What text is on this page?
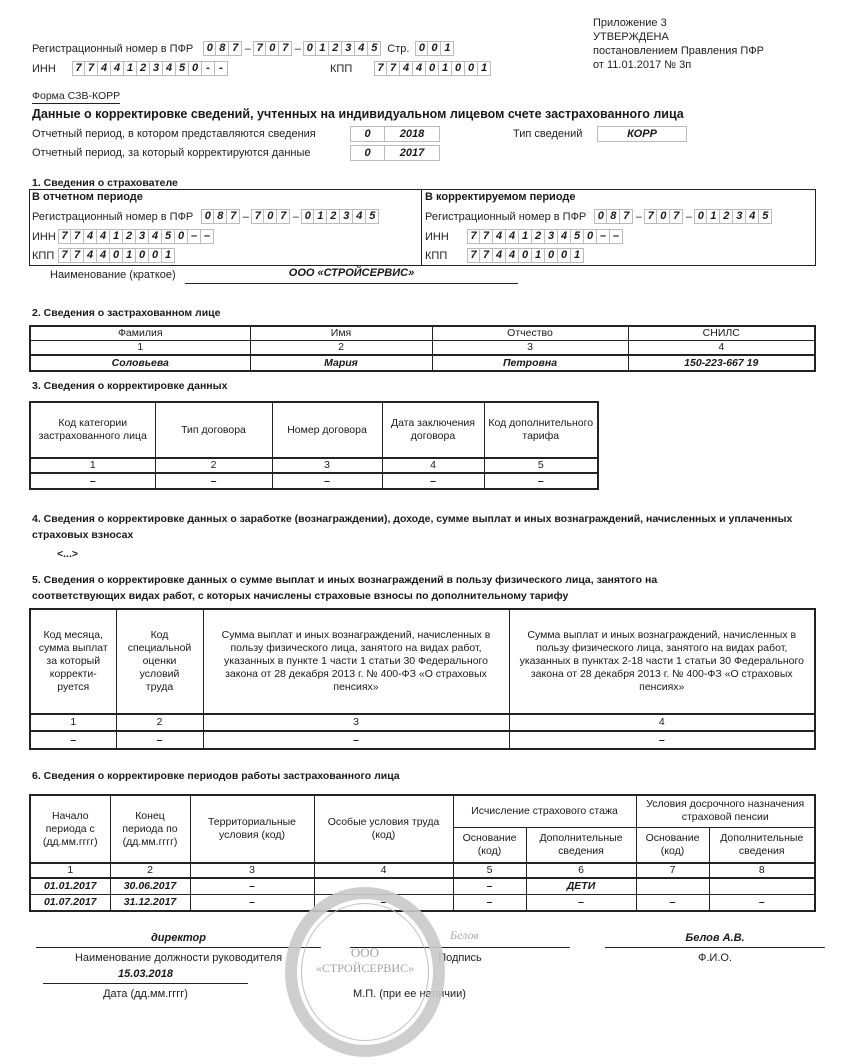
Приложение 3
УТВЕРЖДЕНА
постановлением Правления ПФР
от 11.01.2017 № 3п
Регистрационный номер в ПФР	0 8 7 – 7 0 7 – 0 1 2 3 4 5 Стр. 0 0 1
ИНН	7 7 4 4 1 2 3 4 5 0 - -	КПП	7 7 4 4 0 1 0 0 1
Форма СЗВ-КОРР
Данные о корректировке сведений, учтенных на индивидуальном лицевом счете застрахованного лица
Отчетный период, в котором представляются сведения	0	2018	Тип сведений	КОРР
Отчетный период, за который корректируются данные	0	2017
1. Сведения о страхователе
В отчетном периоде
Регистрационный номер в ПФР	0 8 7 – 7 0 7 – 0 1 2 3 4 5
ИНН 7 7 4 4 1 2 3 4 5 0 – –
КПП 7 7 4 4 0 1 0 0 1
В корректируемом периоде
Регистрационный номер в ПФР	0 8 7 – 7 0 7 – 0 1 2 3 4 5
ИНН	7 7 4 4 1 2 3 4 5 0 – –
КПП	7 7 4 4 0 1 0 0 1
Наименование (краткое)	ООО «СТРОЙСЕРВИС»
2. Сведения о застрахованном лице
Фамилия	Имя	Отчество	СНИЛС
1	2	3	4
Соловьева	Мария	Петровна	150-223-667 19
3. Сведения о корректировке данных
Код категории застрахованного лица	Тип договора	Номер договора	Дата заключения договора	Код дополнительного тарифа
1	2	3	4	5
–	–	–	–	–
4. Сведения о корректировке данных о заработке (вознаграждении), доходе, сумме выплат и иных вознаграждений, начисленных и уплаченных страховых взносах
<...>
5. Сведения о корректировке данных о сумме выплат и иных вознаграждений в пользу физического лица, занятого на соответствующих видах работ, с которых начислены страховые взносы по дополнительному тарифу
Код месяца, сумма выплат за который корректи-руется	Код специальной оценки условий труда	Сумма выплат и иных вознаграждений, начисленных в пользу физического лица, занятого на видах работ, указанных в пункте 1 части 1 статьи 30 Федерального закона от 28 декабря 2013 г. № 400-ФЗ «О страховых пенсиях»	Сумма выплат и иных вознаграждений, начисленных в пользу физического лица, занятого на видах работ, указанных в пунктах 2-18 части 1 статьи 30 Федерального закона от 28 декабря 2013 г. № 400-ФЗ «О страховых пенсиях»
1	2	3	4
–	–	–	–
6. Сведения о корректировке периодов работы застрахованного лица
Начало периода с (дд.мм.гггг)	Конец периода по (дд.мм.гггг)	Территориальные условия (код)	Особые условия труда (код)	Исчисление страхового стажа		Условия досрочного назначения страховой пенсии	
				Основание (код)	Дополнительные сведения	Основание (код)	Дополнительные сведения
1	2	3	4	5	6	7	8
01.01.2017	30.06.2017	–		–	ДЕТИ		
01.07.2017	31.12.2017	–	–	–	–	–	–
директор
Наименование должности руководителя
Белов
Подпись
Белов А.В.
Ф.И.О.
15.03.2018
Дата (дд.мм.гггг)	М.П. (при ее наличии)
ООО
«СТРОЙСЕРВИС»
